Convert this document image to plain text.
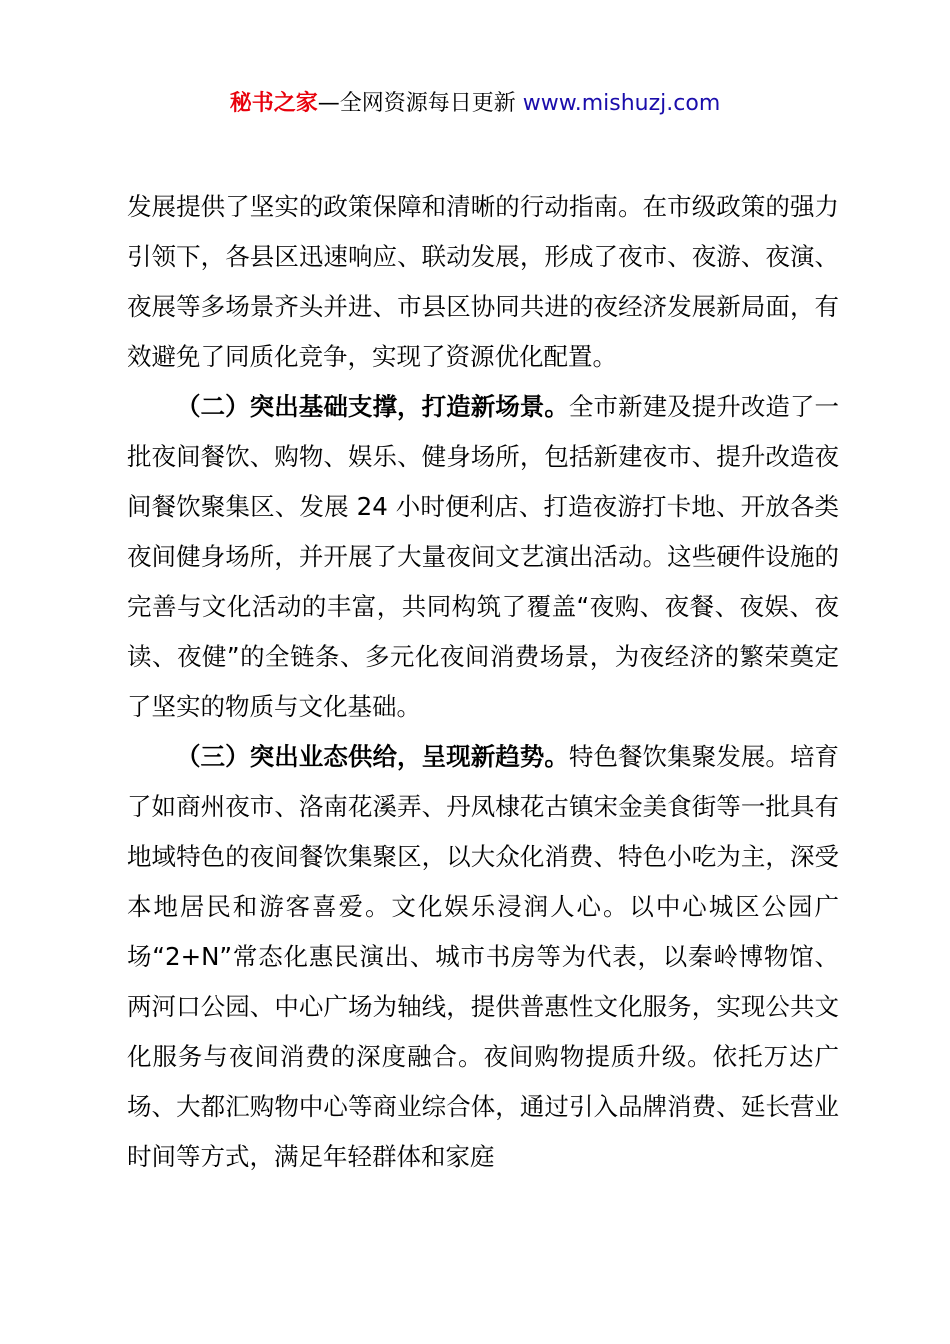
秘书之家—全网资源每日更新 www.mishuzj.com

发展提供了坚实的政策保障和清晰的行动指南。在市级政策的强力引领下，各县区迅速响应、联动发展，形成了夜市、夜游、夜演、夜展等多场景齐头并进、市县区协同共进的夜经济发展新局面，有效避免了同质化竞争，实现了资源优化配置。

（二）突出基础支撑，打造新场景。全市新建及提升改造了一批夜间餐饮、购物、娱乐、健身场所，包括新建夜市、提升改造夜间餐饮聚集区、发展 24 小时便利店、打造夜游打卡地、开放各类夜间健身场所，并开展了大量夜间文艺演出活动。这些硬件设施的完善与文化活动的丰富，共同构筑了覆盖“夜购、夜餐、夜娱、夜读、夜健”的全链条、多元化夜间消费场景，为夜经济的繁荣奠定了坚实的物质与文化基础。

（三）突出业态供给，呈现新趋势。特色餐饮集聚发展。培育了如商州夜市、洛南花溪弄、丹凤棣花古镇宋金美食街等一批具有地域特色的夜间餐饮集聚区，以大众化消费、特色小吃为主，深受本地居民和游客喜爱。文化娱乐浸润人心。以中心城区公园广场“2+N”常态化惠民演出、城市书房等为代表，以秦岭博物馆、两河口公园、中心广场为轴线，提供普惠性文化服务，实现公共文化服务与夜间消费的深度融合。夜间购物提质升级。依托万达广场、大都汇购物中心等商业综合体，通过引入品牌消费、延长营业时间等方式，满足年轻群体和家庭
